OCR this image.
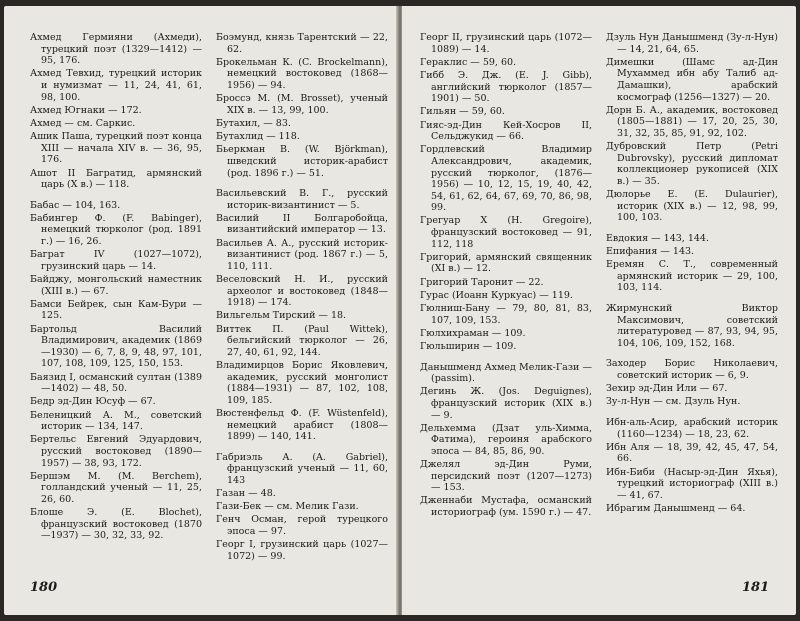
Ахмед Гермияни (Ахмеди), турецкий поэт (1329—1412) — 95, 176.
Ахмед Тевхид, турецкий историк и нумизмат — 11, 24, 41, 61, 98, 100.
Ахмед Югнаки — 172.
Ахмед — см. Саркис.
Ашик Паша, турецкий поэт конца XIII — начала XIV в. — 36, 95, 176.
Ашот II Багратид, армянский царь (X в.) — 118.
Бабас — 104, 163.
Бабингер Ф. (F. Babinger), немецкий тюрколог (род. 1891 г.) — 16, 26.
Баграт IV (1027—1072), грузинский царь — 14.
Байджу, монгольский наместник (XIII в.) — 67.
Бамси Бейрек, сын Кам-Бури — 125.
Бартольд Василий Владимирович, академик (1869—1930) — 6, 7, 8, 9, 48, 97, 101, 107, 108, 109, 125, 150, 153.
Баязид I, османский султан (1389—1402) — 48, 50.
Бедр эд-Дин Юсуф — 67.
Беленицкий А. М., советский историк — 134, 147.
Бертельс Евгений Эдуардович, русский востоковед (1890—1957) — 38, 93, 172.
Бершэм М. (M. Berchem), голландский ученый — 11, 25, 26, 60.
Блоше Э. (E. Blochet), французский востоковед (1870—1937) — 30, 32, 33, 92.
Боэмунд, князь Тарентский — 22, 62.
Брокельман К. (C. Brockelmann), немецкий востоковед (1868—1956) — 94.
Броссэ М. (M. Brosset), ученый XIX в. — 13, 99, 100.
Бутахил, — 83.
Бутахлид — 118.
Бьеркман В. (W. Björkman), шведский историк-арабист (род. 1896 г.) — 51.
Васильевский В. Г., русский историк-византинист — 5.
Василий II Болгаробойца, византийский император — 13.
Васильев А. А., русский историк-византинист (род. 1867 г.) — 5, 110, 111.
Веселовский Н. И., русский археолог и востоковед (1848—1918) — 174.
Вильгельм Тирский — 18.
Виттек П. (Paul Wittek), бельгийский тюрколог — 26, 27, 40, 61, 92, 144.
Владимирцов Борис Яковлевич, академик, русский монголист (1884—1931) — 87, 102, 108, 109, 185.
Вюстенфельд Ф. (F. Wüstenfeld), немецкий арабист (1808—1899) — 140, 141.
Габриэль А. (A. Gabriel), французский ученый — 11, 60, 143
Газан — 48.
Гази-Бек — см. Мелик Гази.
Генч Осман, герой турецкого эпоса — 97.
Георг I, грузинский царь (1027—1072) — 99.
180
Георг II, грузинский царь (1072—1089) — 14.
Гераклис — 59, 60.
Гибб Э. Дж. (E. J. Gibb), английский тюрколог (1857—1901) — 50.
Гильян — 59, 60.
Гияс-эд-Дин Кей-Хосров II, Сельджукид — 66.
Гордлевский Владимир Александрович, академик, русский тюрколог, (1876—1956) — 10, 12, 15, 19, 40, 42, 54, 61, 62, 64, 67, 69, 70, 86, 98, 99.
Грегуар X (H. Gregoire), французский востоковед — 91, 112, 118
Григорий, армянский священник (XI в.) — 12.
Григорий Таронит — 22.
Гурас (Иоанн Куркуас) — 119.
Гюлниш-Бану — 79, 80, 81, 83, 107, 109, 153.
Гюлхихраман — 109.
Гюльширин — 109.
Данышменд Ахмед Мелик-Гази — (passim).
Дегинь Ж. (Jos. Deguignes), французский историк (XIX в.) — 9.
Дельхемма (Дзат уль-Химма, Фатима), героиня арабского эпоса — 84, 85, 86, 90.
Джелял эд-Дин Руми, персидский поэт (1207—1273) — 153.
Дженнаби Мустафа, османский историограф (ум. 1590 г.) — 47.
Дзуль Нун Данышменд (Зу-л-Нун) — 14, 21, 64, 65.
Димешки (Шамс ад-Дин Мухаммед ибн абу Талиб ад-Дамашки), арабский космограф (1256—1327) — 20.
Дорн Б. А., академик, востоковед (1805—1881) — 17, 20, 25, 30, 31, 32, 35, 85, 91, 92, 102.
Дубровский Петр (Petri Dubrovsky), русский дипломат коллекционер рукописей (XIX в.) — 35.
Дюлорье Е. (E. Dulaurier), историк (XIX в.) — 12, 98, 99, 100, 103.
Евдокия — 143, 144.
Епифания — 143.
Еремян С. Т., современный армянский историк — 29, 100, 103, 114.
Жирмунский Виктор Максимович, советский литературовед — 87, 93, 94, 95, 104, 106, 109, 152, 168.
Заходер Борис Николаевич, советский историк — 6, 9.
Зехир эд-Дин Или — 67.
Зу-л-Нун — см. Дзуль Нун.
Ибн-аль-Асир, арабский историк (1160—1234) — 18, 23, 62.
Ибн Аля — 18, 39, 42, 45, 47, 54, 66.
Ибн-Биби (Насыр-эд-Дин Яхья), турецкий историограф (XIII в.) — 41, 67.
Ибрагим Данышменд — 64.
181
